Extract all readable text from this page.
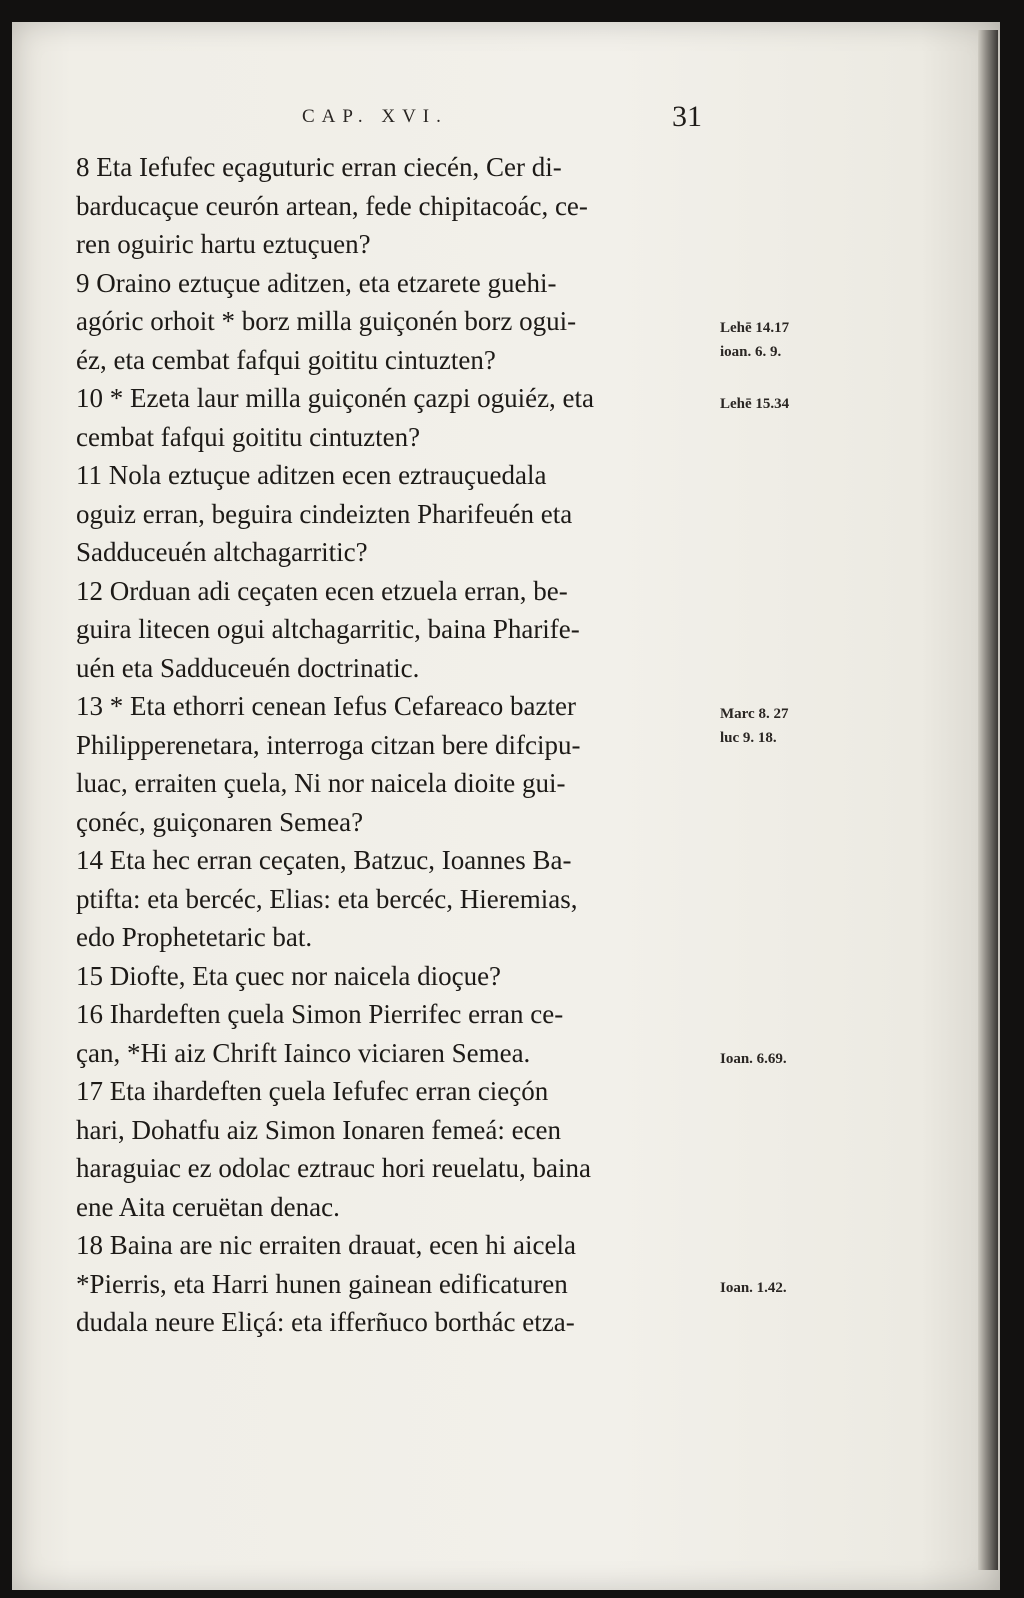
CAP. XVI.	31
8 Eta Iefufec eçaguturic erran ciecén, Cer di-
barducaçue ceurón artean, fede chipitacoác, ce-
ren oguiric hartu eztuçuen?
9 Oraino eztuçue aditzen, eta etzarete guehi-
agóric orhoit * borz milla guiçonén borz ogui-
éz, eta cembat fafqui goititu cintuzten?
10 * Ezeta laur milla guiçonén çazpi oguiéz, eta
cembat fafqui goititu cintuzten?
11 Nola eztuçue aditzen ecen eztrauçuedala
oguiz erran, beguira cindeizten Pharifeuén eta
Sadduceuén altchagarritic?
12 Orduan adi ceçaten ecen etzuela erran, be-
guira litecen ogui altchagarritic, baina Pharife-
uén eta Sadduceuén doctrinatic.
13 * Eta ethorri cenean Iefus Cefareaco bazter
Philipperenetara, interroga citzan bere difcipu-
luac, erraiten çuela, Ni nor naicela dioite gui-
çonéc, guiçonaren Semea?
14 Eta hec erran ceçaten, Batzuc, Ioannes Ba-
ptifta: eta bercéc, Elias: eta bercéc, Hieremias,
edo Prophetetaric bat.
15 Diofte, Eta çuec nor naicela dioçue?
16 Ihardeften çuela Simon Pierrifec erran ce-
çan, *Hi aiz Chrift Iainco viciaren Semea.
17 Eta ihardeften çuela Iefufec erran cieçón
hari, Dohatfu aiz Simon Ionaren femeá: ecen
haraguiac ez odolac eztrauc hori reuelatu, baina
ene Aita ceruëtan denac.
18 Baina are nic erraiten drauat, ecen hi aicela
*Pierris, eta Harri hunen gainean edificaturen
dudala neure Eliçá: eta ifferñuco borthác etza-
Lehē 14.17
ioan. 6. 9.
Lehē 15.34
Marc 8. 27
luc 9. 18.
Ioan. 6.69.
Ioan. 1.42.
